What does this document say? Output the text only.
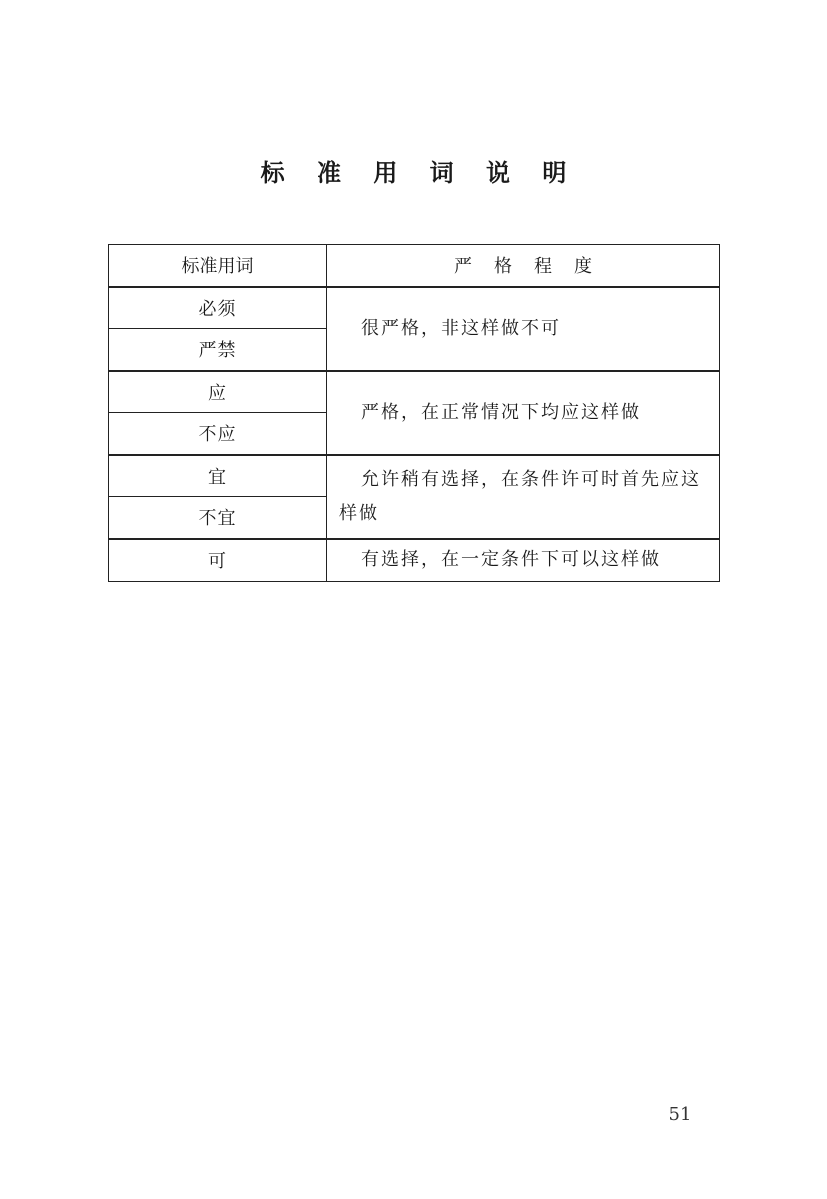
标 准 用 词 说 明
标准用词	严格程度
必须	很严格，非这样做不可
严禁	
应	严格，在正常情况下均应这样做
不应	
宜	允许稍有选择，在条件许可时首先应这样做
不宜	
可	有选择，在一定条件下可以这样做
51
